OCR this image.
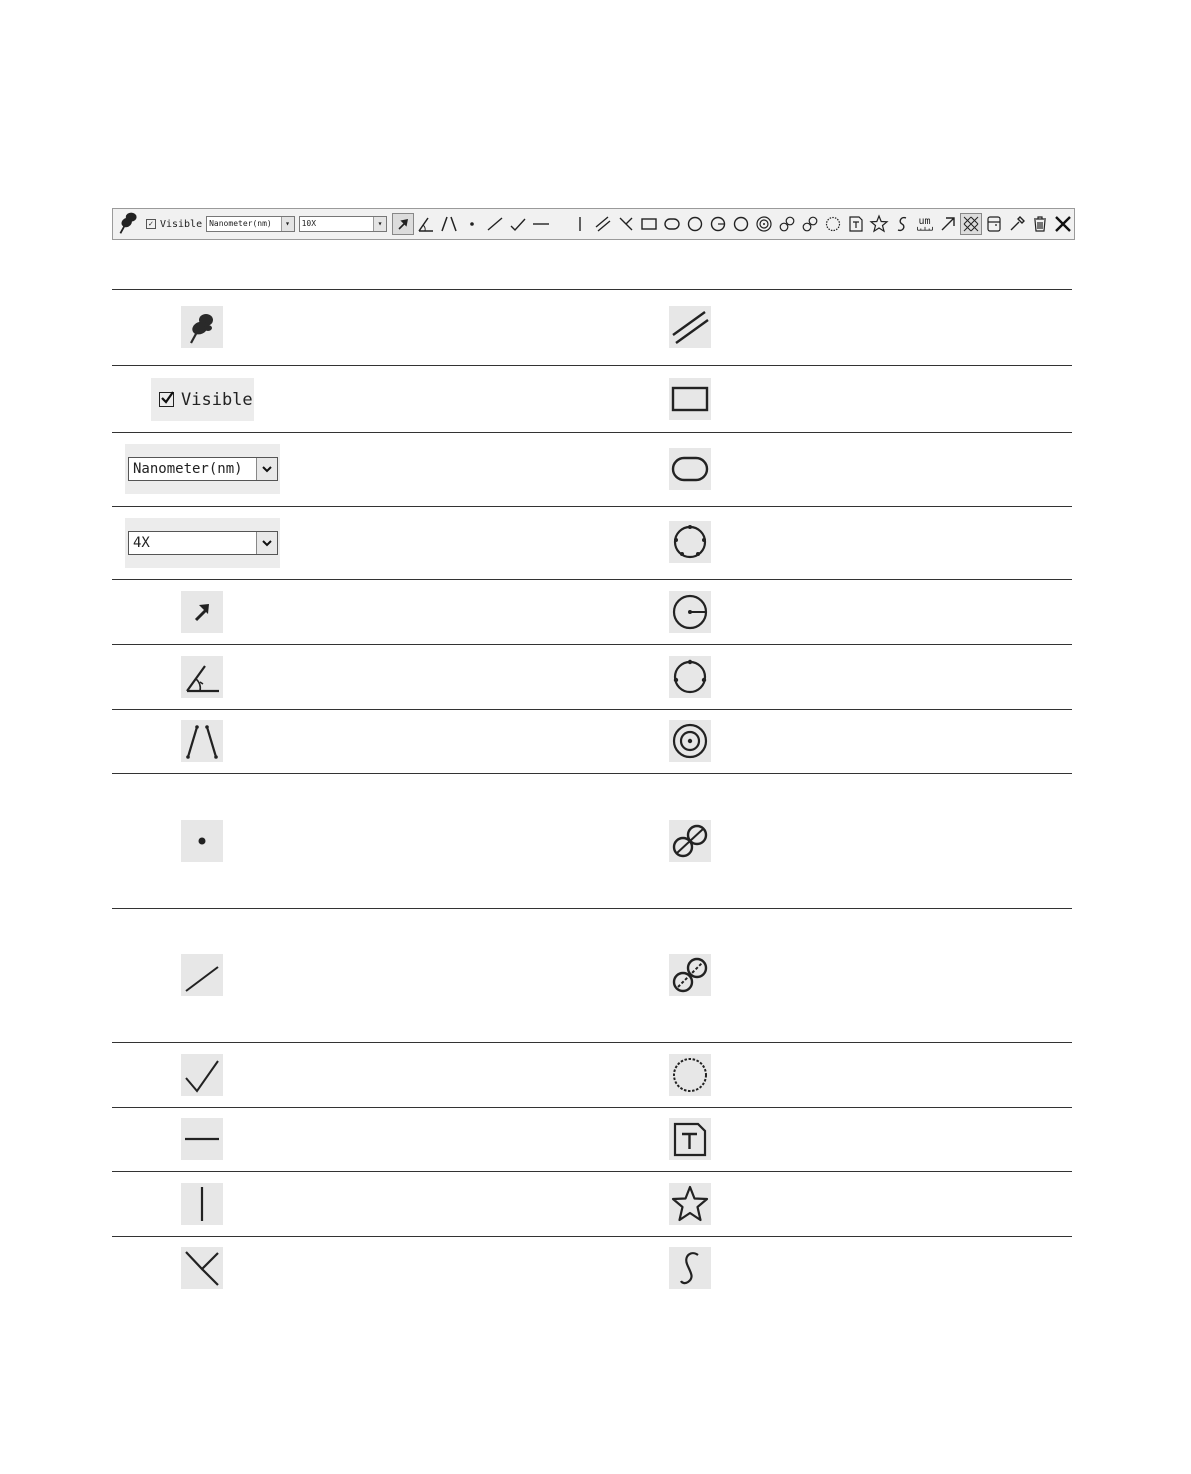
✓ Visible Nanometer(nm)	▾	10X	▾	um
Visible
Nanometer(nm)
4X
